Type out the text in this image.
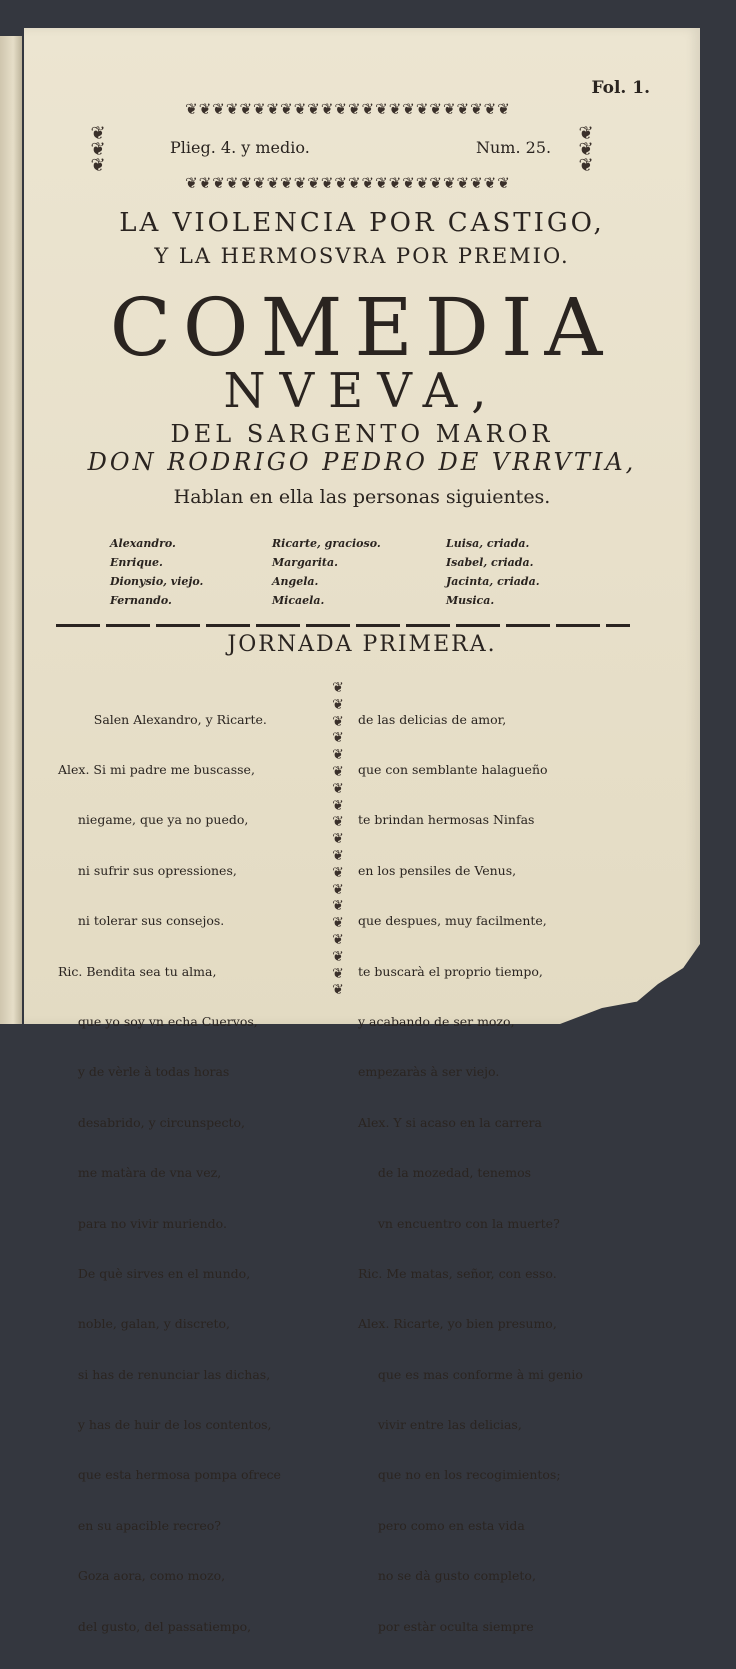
Fol. 1.
❦❦❦❦❦❦❦❦❦❦❦❦❦❦❦❦❦❦❦❦❦❦❦❦
❦❦❦❦❦❦❦❦❦❦❦❦❦❦❦❦❦❦❦❦❦❦❦❦
❦
❦
❦
❦
❦
❦
Plieg. 4. y medio.	Num. 25.
LA VIOLENCIA POR CASTIGO,
Y LA HERMOSVRA POR PREMIO.
COMEDIA
NVEVA,
DEL SARGENTO MAROR
DON RODRIGO PEDRO DE VRRVTIA,
Hablan en ella las personas siguientes.
Alexandro.
Enrique.
Dionysio, viejo.
Fernando.
Ricarte, gracioso.
Margarita.
Angela.
Micaela.
Luisa, criada.
Isabel, criada.
Jacinta, criada.
Musica.
JORNADA PRIMERA.

Salen Alexandro, y Ricarte.

Alex. Si mi padre me buscasse,

niegame, que ya no puedo,

ni sufrir sus opressiones,

ni tolerar sus consejos.

Ric. Bendita sea tu alma,

que yo soy vn echa Cuervos,

y de vèrle à todas horas

desabrido, y circunspecto,

me matàra de vna vez,

para no vivir muriendo.

De què sirves en el mundo,

noble, galan, y discreto,

si has de renunciar las dichas,

y has de huir de los contentos,

que esta hermosa pompa ofrece

en su apacible recreo?

Goza aora, como mozo,

del gusto, del passatiempo,

❦
❦
❦
❦
❦
❦
❦
❦
❦
❦
❦
❦
❦
❦
❦
❦
❦
❦
❦

de las delicias de amor,

que con semblante halagueño

te brindan hermosas Ninfas

en los pensiles de Venus,

que despues, muy facilmente,

te buscarà el proprio tiempo,

y acabando de ser mozo,

empezaràs à ser viejo.

Alex. Y si acaso en la carrera

de la mozedad, tenemos

vn encuentro con la muerte?

Ric. Me matas, señor, con esso.

Alex. Ricarte, yo bien presumo,

que es mas conforme à mi genio

vivir entre las delicias,

que no en los recogimientos;

pero como en esta vida

no se dà gusto completo,

por estàr oculta siempre
